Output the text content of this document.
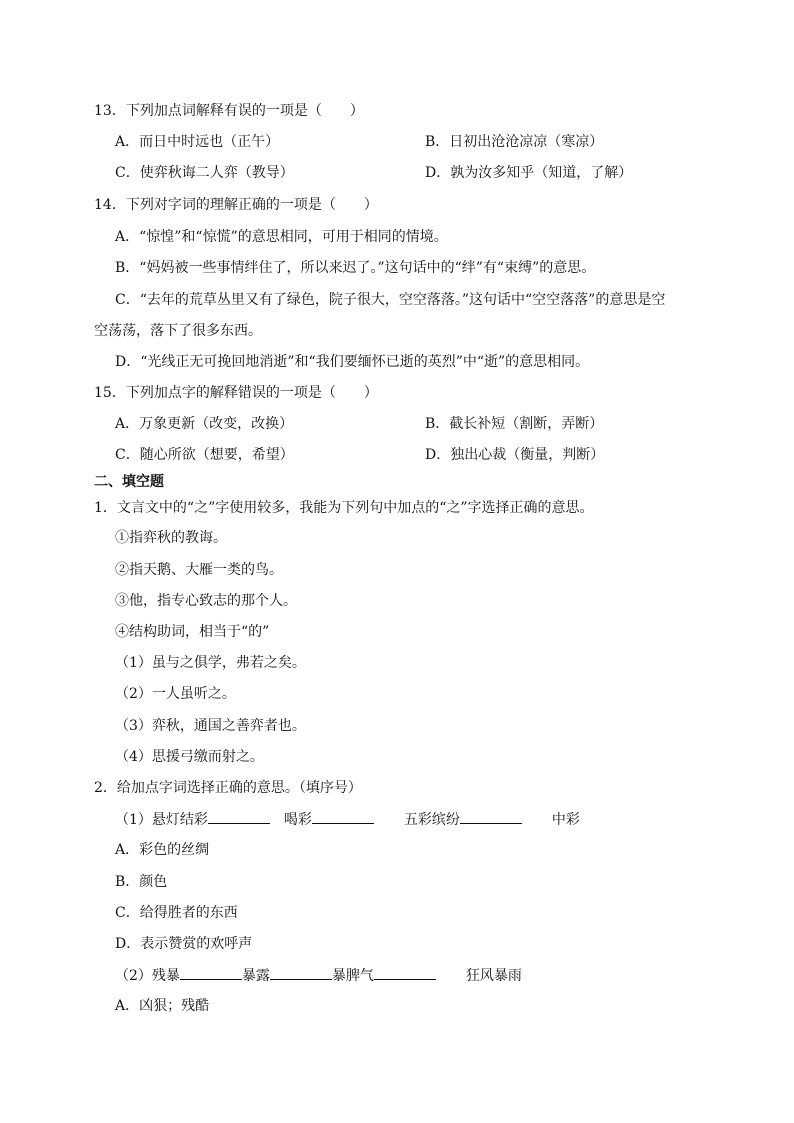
13．下列加点词解释有误的一项是（　　）
A．而日中时远也（正午）	B．日初出沧沧凉凉（寒凉）
C．使弈秋诲二人弈（教导）	D．孰为汝多知乎（知道，了解）
14．下列对字词的理解正确的一项是（　　）
A．“惊惶”和“惊慌”的意思相同，可用于相同的情境。
B．“妈妈被一些事情绊住了，所以来迟了。”这句话中的“绊”有“束缚”的意思。
C．“去年的荒草丛里又有了绿色，院子很大，空空落落。”这句话中“空空落落”的意思是空
空荡荡，落下了很多东西。
D．“光线正无可挽回地消逝”和“我们要缅怀已逝的英烈”中“逝”的意思相同。
15．下列加点字的解释错误的一项是（　　）
A．万象更新（改变，改换）	B．截长补短（割断，弄断）
C．随心所欲（想要，希望）	D．独出心裁（衡量，判断）
二、填空题
1．文言文中的“之”字使用较多，我能为下列句中加点的“之”字选择正确的意思。
①指弈秋的教诲。
②指天鹅、大雁一类的鸟。
③他，指专心致志的那个人。
④结构助词，相当于“的”
（1）虽与之俱学，弗若之矣。
（2）一人虽听之。
（3）弈秋，通国之善弈者也。
（4）思援弓缴而射之。
2．给加点字词选择正确的意思。（填序号）
（1）悬灯结彩	喝彩	五彩缤纷	中彩
A．彩色的丝绸
B．颜色
C．给得胜者的东西
D．表示赞赏的欢呼声
（2）残暴	暴露	暴脾气	狂风暴雨
A．凶狠；残酷
